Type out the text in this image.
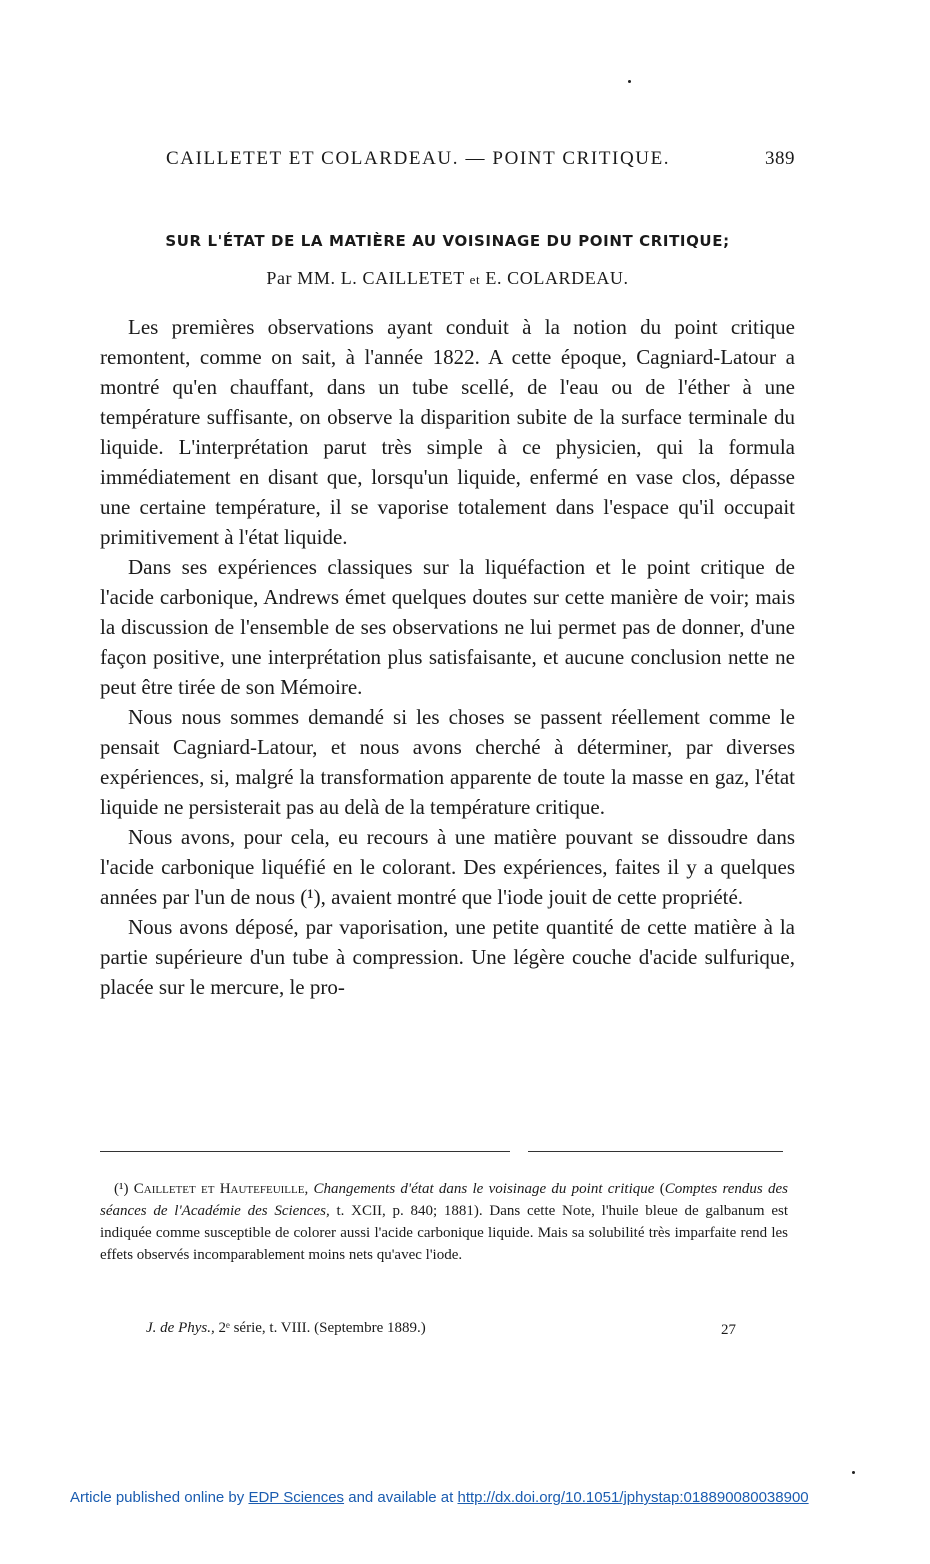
CAILLETET ET COLARDEAU. — POINT CRITIQUE.	389
SUR L'ÉTAT DE LA MATIÈRE AU VOISINAGE DU POINT CRITIQUE;
Par MM. L. CAILLETET et E. COLARDEAU.

Les premières observations ayant conduit à la notion du point critique remontent, comme on sait, à l'année 1822. A cette époque, Cagniard-Latour a montré qu'en chauffant, dans un tube scellé, de l'eau ou de l'éther à une température suffisante, on observe la disparition subite de la surface terminale du liquide. L'interprétation parut très simple à ce physicien, qui la formula immédiatement en disant que, lorsqu'un liquide, enfermé en vase clos, dépasse une certaine température, il se vaporise totalement dans l'espace qu'il occupait primitivement à l'état liquide.

Dans ses expériences classiques sur la liquéfaction et le point critique de l'acide carbonique, Andrews émet quelques doutes sur cette manière de voir; mais la discussion de l'ensemble de ses observations ne lui permet pas de donner, d'une façon positive, une interprétation plus satisfaisante, et aucune conclusion nette ne peut être tirée de son Mémoire.

Nous nous sommes demandé si les choses se passent réellement comme le pensait Cagniard-Latour, et nous avons cherché à déterminer, par diverses expériences, si, malgré la transformation apparente de toute la masse en gaz, l'état liquide ne persisterait pas au delà de la température critique.

Nous avons, pour cela, eu recours à une matière pouvant se dissoudre dans l'acide carbonique liquéfié en le colorant. Des expériences, faites il y a quelques années par l'un de nous (¹), avaient montré que l'iode jouit de cette propriété.

Nous avons déposé, par vaporisation, une petite quantité de cette matière à la partie supérieure d'un tube à compression. Une légère couche d'acide sulfurique, placée sur le mercure, le pro-

(¹) Cailletet et Hautefeuille, Changements d'état dans le voisinage du point critique (Comptes rendus des séances de l'Académie des Sciences, t. XCII, p. 840; 1881). Dans cette Note, l'huile bleue de galbanum est indiquée comme susceptible de colorer aussi l'acide carbonique liquide. Mais sa solubilité très imparfaite rend les effets observés incomparablement moins nets qu'avec l'iode.
J. de Phys., 2ᵉ série, t. VIII. (Septembre 1889.)	27
Article published online by EDP Sciences and available at http://dx.doi.org/10.1051/jphystap:018890080038900
